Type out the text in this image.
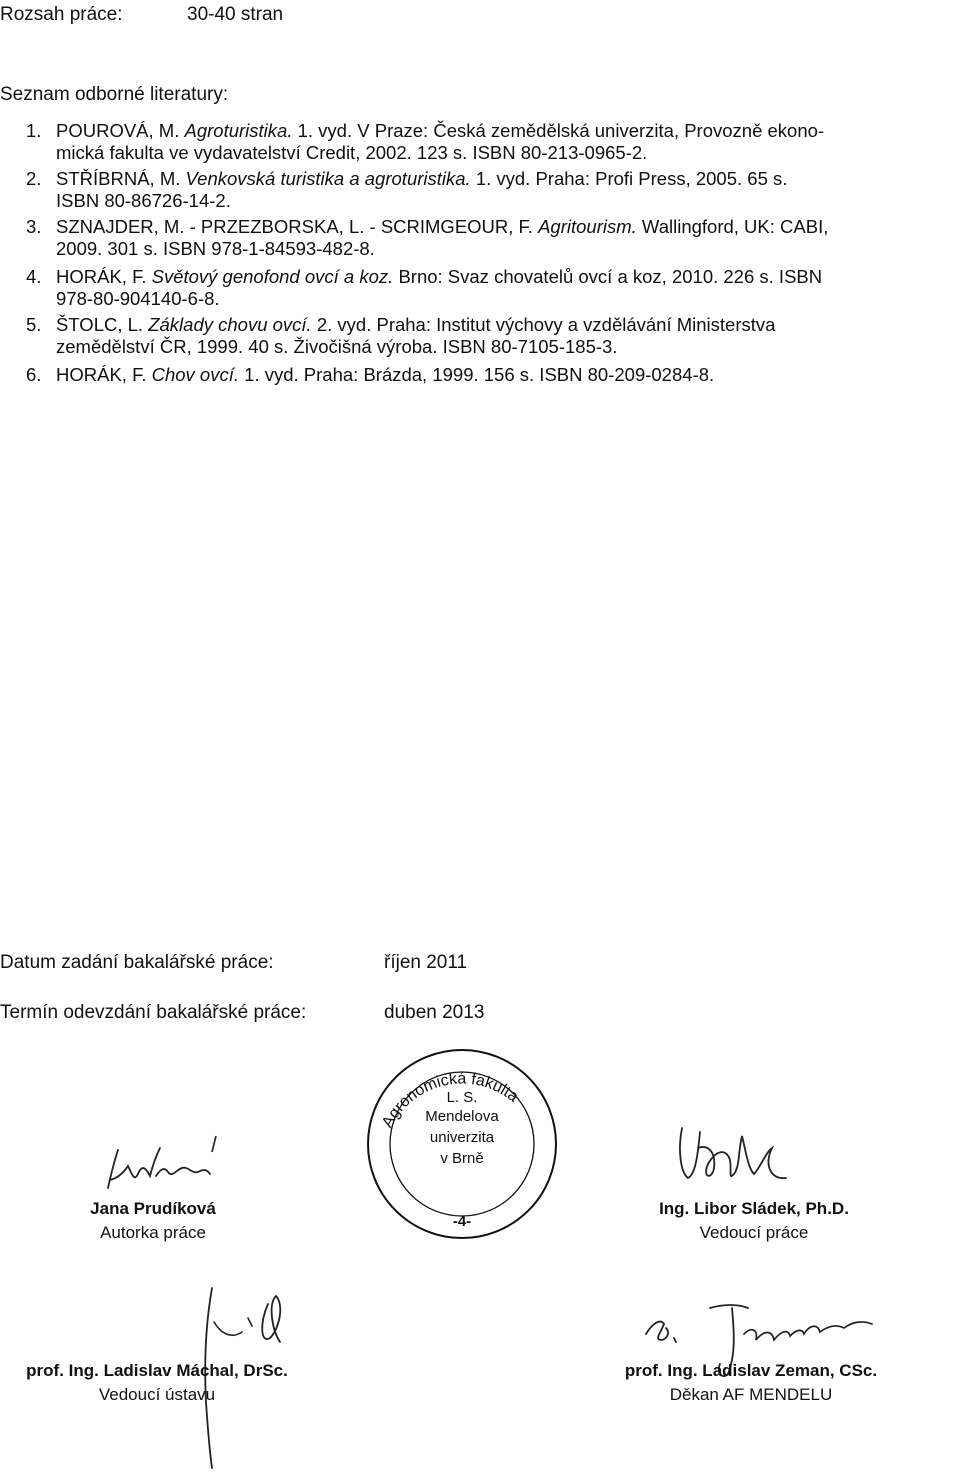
Rozsah práce:	30-40 stran
Seznam odborné literatury:
1. POUROVÁ, M. Agroturistika. 1. vyd. V Praze: Česká zemědělská univerzita, Provozně ekono-
mická fakulta ve vydavatelství Credit, 2002. 123 s. ISBN 80-213-0965-2.
2. STŘÍBRNÁ, M. Venkovská turistika a agroturistika. 1. vyd. Praha: Profi Press, 2005. 65 s.
ISBN 80-86726-14-2.
3. SZNAJDER, M. - PRZEZBORSKA, L. - SCRIMGEOUR, F. Agritourism. Wallingford, UK: CABI,
2009. 301 s. ISBN 978-1-84593-482-8.
4. HORÁK, F. Světový genofond ovcí a koz. Brno: Svaz chovatelů ovcí a koz, 2010. 226 s. ISBN
978-80-904140-6-8.
5. ŠTOLC, L. Základy chovu ovcí. 2. vyd. Praha: Institut výchovy a vzdělávání Ministerstva
zemědělství ČR, 1999. 40 s. Živočišná výroba. ISBN 80-7105-185-3.
6. HORÁK, F. Chov ovcí. 1. vyd. Praha: Brázda, 1999. 156 s. ISBN 80-209-0284-8.
Datum zadání bakalářské práce:	říjen 2011
Termín odevzdání bakalářské práce:	duben 2013
Agronomická fakulta
L. S.
Mendelova
univerzita
v Brně
-4-
Jana Prudíková
Autorka práce
Ing. Libor Sládek, Ph.D.
Vedoucí práce
prof. Ing. Ladislav Máchal, DrSc.
Vedoucí ústavu
prof. Ing. Ladislav Zeman, CSc.
Děkan AF MENDELU
